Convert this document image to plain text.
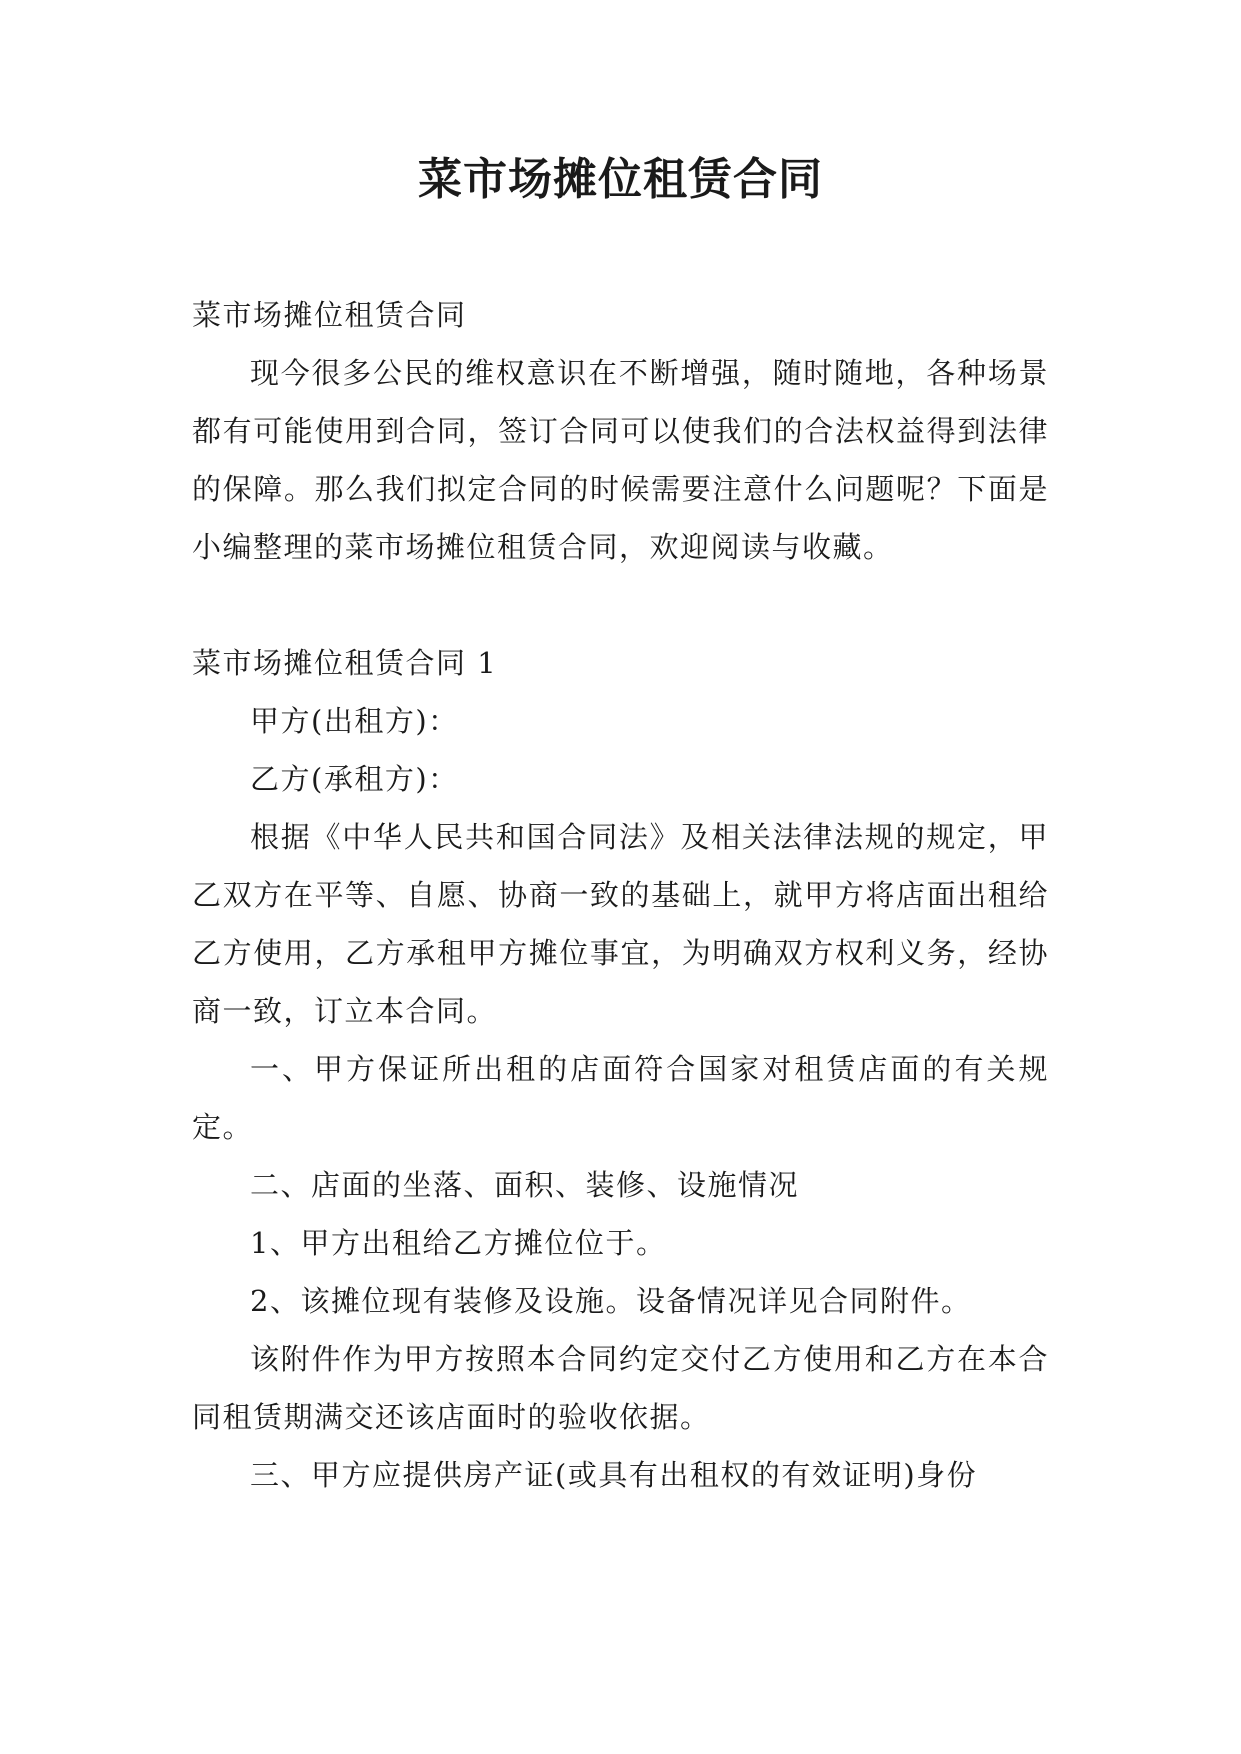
菜市场摊位租赁合同

菜市场摊位租赁合同

现今很多公民的维权意识在不断增强，随时随地，各种场景都有可能使用到合同，签订合同可以使我们的合法权益得到法律的保障。那么我们拟定合同的时候需要注意什么问题呢？下面是小编整理的菜市场摊位租赁合同，欢迎阅读与收藏。

菜市场摊位租赁合同 1

甲方(出租方)：

乙方(承租方)：

根据《中华人民共和国合同法》及相关法律法规的规定，甲乙双方在平等、自愿、协商一致的基础上，就甲方将店面出租给乙方使用，乙方承租甲方摊位事宜，为明确双方权利义务，经协商一致，订立本合同。

一、甲方保证所出租的店面符合国家对租赁店面的有关规定。

二、店面的坐落、面积、装修、设施情况

1、甲方出租给乙方摊位位于。

2、该摊位现有装修及设施。设备情况详见合同附件。

该附件作为甲方按照本合同约定交付乙方使用和乙方在本合同租赁期满交还该店面时的验收依据。

三、甲方应提供房产证(或具有出租权的有效证明)身份
